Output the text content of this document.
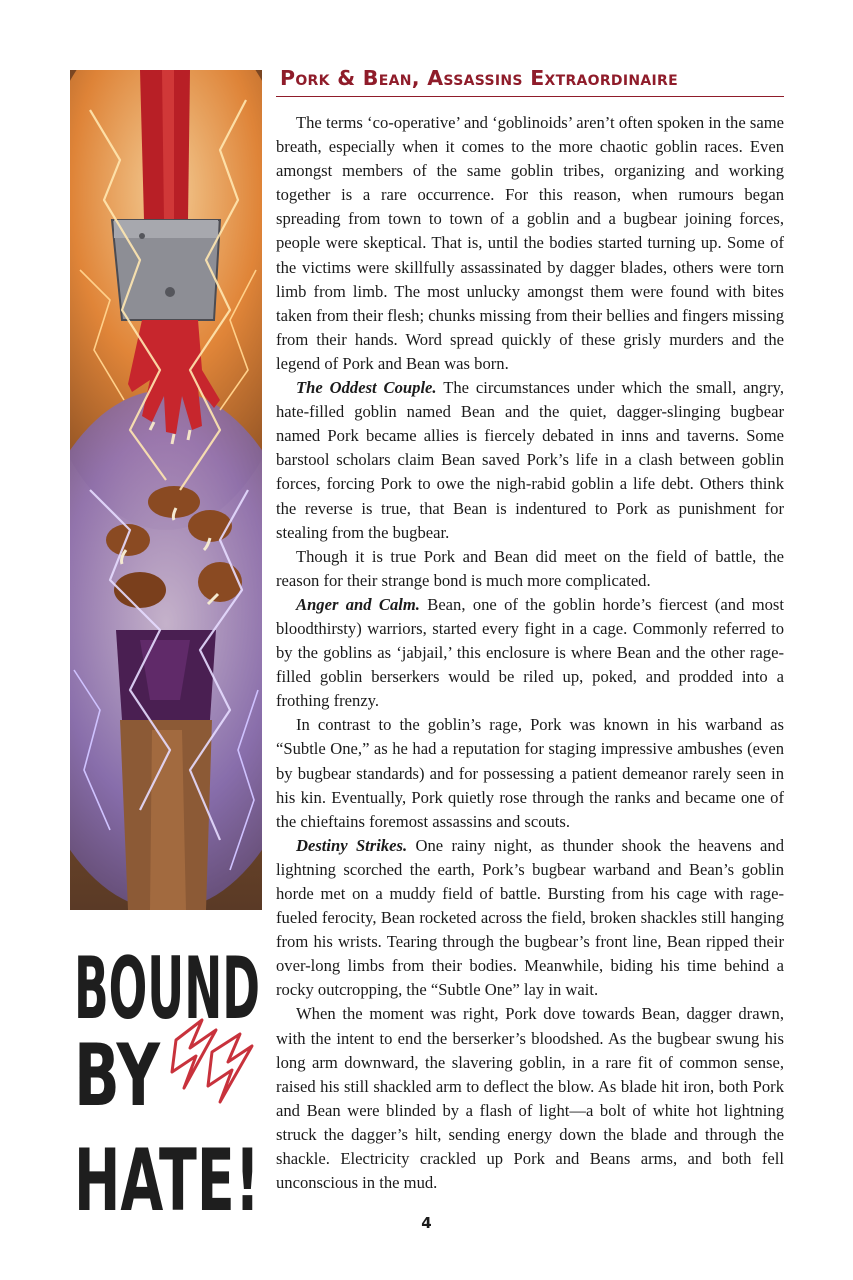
BOUND
BY
HATE!
Pork & Bean, Assassins Extraordinaire

The terms ‘co-operative’ and ‘goblinoids’ aren’t often spoken in the same breath, especially when it comes to the more chaotic goblin races. Even amongst members of the same goblin tribes, organizing and working together is a rare occurrence. For this reason, when rumours began spreading from town to town of a goblin and a bugbear joining forces, people were skeptical. That is, until the bodies started turning up. Some of the victims were skillfully assassinated by dagger blades, others were torn limb from limb. The most unlucky amongst them were found with bites taken from their flesh; chunks missing from their bellies and fingers missing from their hands. Word spread quickly of these grisly murders and the legend of Pork and Bean was born.

The Oddest Couple. The circumstances under which the small, angry, hate-filled goblin named Bean and the quiet, dagger-slinging bugbear named Pork became allies is fiercely debated in inns and taverns. Some barstool scholars claim Bean saved Pork’s life in a clash between goblin forces, forcing Pork to owe the nigh-rabid goblin a life debt. Others think the reverse is true, that Bean is indentured to Pork as punishment for stealing from the bugbear.

Though it is true Pork and Bean did meet on the field of battle, the reason for their strange bond is much more complicated.

Anger and Calm. Bean, one of the goblin horde’s fiercest (and most bloodthirsty) warriors, started every fight in a cage. Commonly referred to by the goblins as ‘jabjail,’ this enclosure is where Bean and the other rage-filled goblin berserkers would be riled up, poked, and prodded into a frothing frenzy.

In contrast to the goblin’s rage, Pork was known in his warband as “Subtle One,” as he had a reputation for staging impressive ambushes (even by bugbear standards) and for possessing a patient demeanor rarely seen in his kin. Eventually, Pork quietly rose through the ranks and became one of the chieftains foremost assassins and scouts.

Destiny Strikes. One rainy night, as thunder shook the heavens and lightning scorched the earth, Pork’s bugbear warband and Bean’s goblin horde met on a muddy field of battle. Bursting from his cage with rage-fueled ferocity, Bean rocketed across the field, broken shackles still hanging from his wrists. Tearing through the bugbear’s front line, Bean ripped their over-long limbs from their bodies. Meanwhile, biding his time behind a rocky outcropping, the “Subtle One” lay in wait.

When the moment was right, Pork dove towards Bean, dagger drawn, with the intent to end the berserker’s bloodshed. As the bugbear swung his long arm downward, the slavering goblin, in a rare fit of common sense, raised his still shackled arm to deflect the blow. As blade hit iron, both Pork and Bean were blinded by a flash of light—a bolt of white hot lightning struck the dagger’s hilt, sending energy down the blade and through the shackle. Electricity crackled up Pork and Beans arms, and both fell unconscious in the mud.

4
